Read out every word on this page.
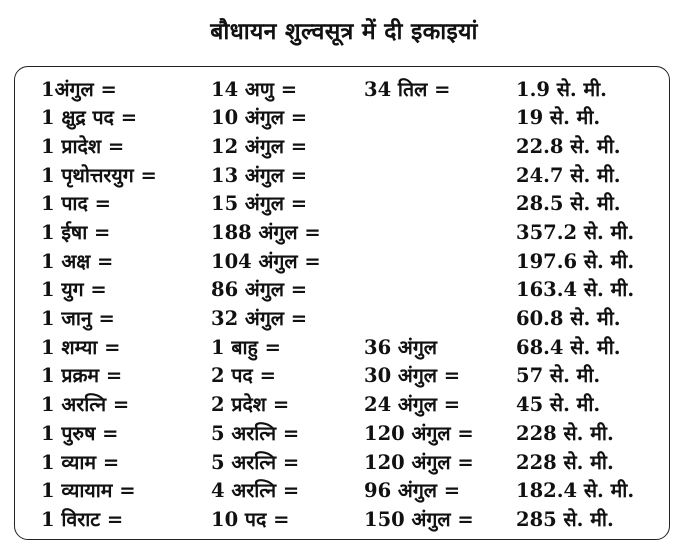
बौधायन शुल्वसूत्र में दी इकाइयां
1अंगुल =	14 अणु =	34 तिल =	1.9 से. मी.
1 क्षुद्र पद =	10 अंगुल =		19 से. मी.
1 प्रादेश =	12 अंगुल =		22.8 से. मी.
1 पृथोत्तरयुग =	13 अंगुल =		24.7 से. मी.
1 पाद =	15 अंगुल =		28.5 से. मी.
1 ईषा =	188 अंगुल =		357.2 से. मी.
1 अक्ष =	104 अंगुल =		197.6 से. मी.
1 युग =	86 अंगुल =		163.4 से. मी.
1 जानु =	32 अंगुल =		60.8 से. मी.
1 शम्या =	1 बाहु =	36 अंगुल	68.4 से. मी.
1 प्रक्रम =	2 पद =	30 अंगुल =	57 से. मी.
1 अरत्नि =	2 प्रदेश =	24 अंगुल =	45 से. मी.
1 पुरुष =	5 अरत्नि =	120 अंगुल =	228 से. मी.
1 व्याम =	5 अरत्नि =	120 अंगुल =	228 से. मी.
1 व्यायाम =	4 अरत्नि =	96 अंगुल =	182.4 से. मी.
1 विराट =	10 पद =	150 अंगुल =	285 से. मी.
